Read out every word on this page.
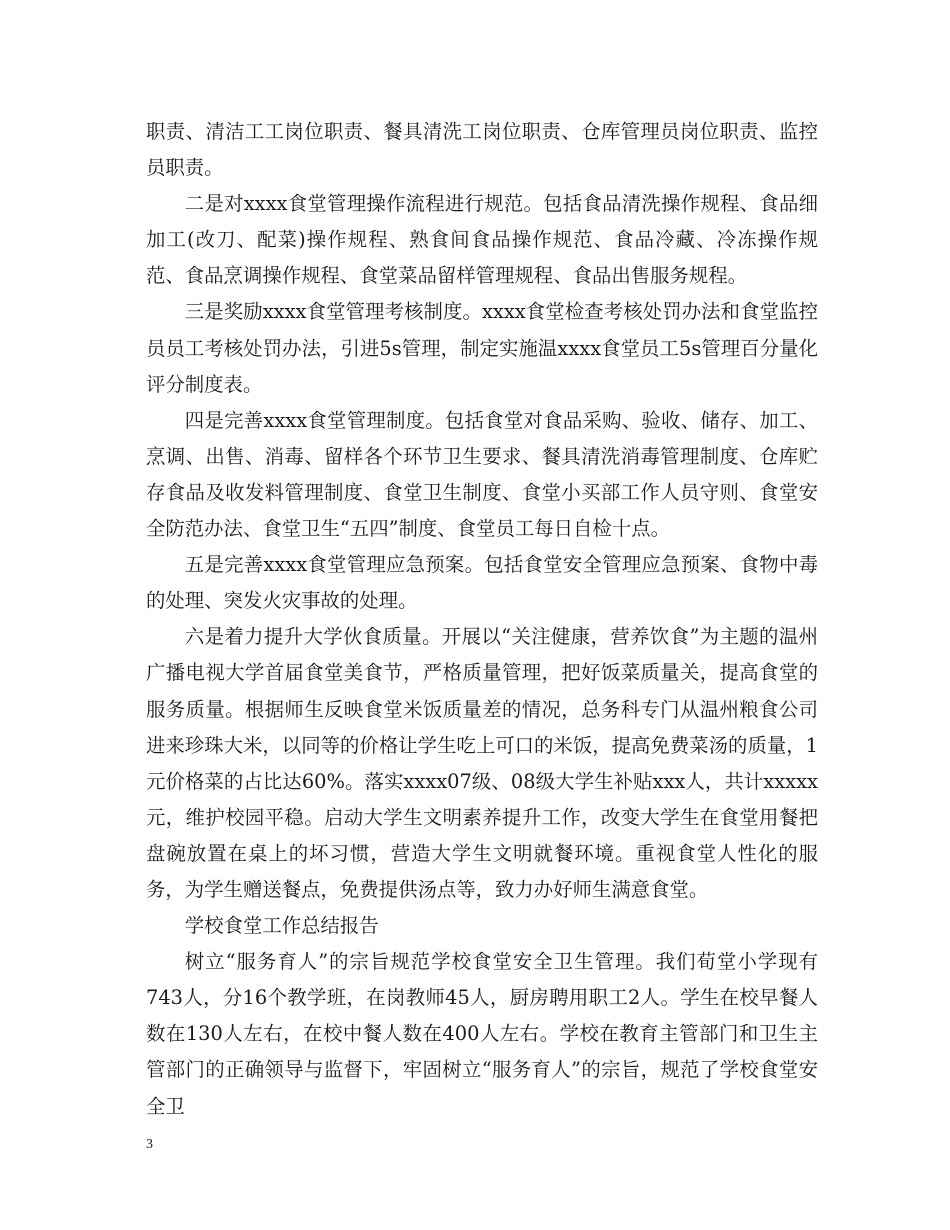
职责、清洁工工岗位职责、餐具清洗工岗位职责、仓库管理员岗位职责、监控员职责。

二是对xxxx食堂管理操作流程进行规范。包括食品清洗操作规程、食品细加工(改刀、配菜)操作规程、熟食间食品操作规范、食品冷藏、冷冻操作规范、食品烹调操作规程、食堂菜品留样管理规程、食品出售服务规程。

三是奖励xxxx食堂管理考核制度。xxxx食堂检查考核处罚办法和食堂监控员员工考核处罚办法，引进5s管理，制定实施温xxxx食堂员工5s管理百分量化评分制度表。

四是完善xxxx食堂管理制度。包括食堂对食品采购、验收、储存、加工、烹调、出售、消毒、留样各个环节卫生要求、餐具清洗消毒管理制度、仓库贮存食品及收发料管理制度、食堂卫生制度、食堂小买部工作人员守则、食堂安全防范办法、食堂卫生“五四”制度、食堂员工每日自检十点。

五是完善xxxx食堂管理应急预案。包括食堂安全管理应急预案、食物中毒的处理、突发火灾事故的处理。

六是着力提升大学伙食质量。开展以“关注健康，营养饮食”为主题的温州广播电视大学首届食堂美食节，严格质量管理，把好饭菜质量关，提高食堂的服务质量。根据师生反映食堂米饭质量差的情况，总务科专门从温州粮食公司进来珍珠大米，以同等的价格让学生吃上可口的米饭，提高免费菜汤的质量，1元价格菜的占比达60%。落实xxxx07级、08级大学生补贴xxx人，共计xxxxx元，维护校园平稳。启动大学生文明素养提升工作，改变大学生在食堂用餐把盘碗放置在桌上的坏习惯，营造大学生文明就餐环境。重视食堂人性化的服务，为学生赠送餐点，免费提供汤点等，致力办好师生满意食堂。

学校食堂工作总结报告

树立“服务育人”的宗旨规范学校食堂安全卫生管理。我们荀堂小学现有743人，分16个教学班，在岗教师45人，厨房聘用职工2人。学生在校早餐人数在130人左右，在校中餐人数在400人左右。学校在教育主管部门和卫生主管部门的正确领导与监督下，牢固树立“服务育人”的宗旨，规范了学校食堂安全卫

3
